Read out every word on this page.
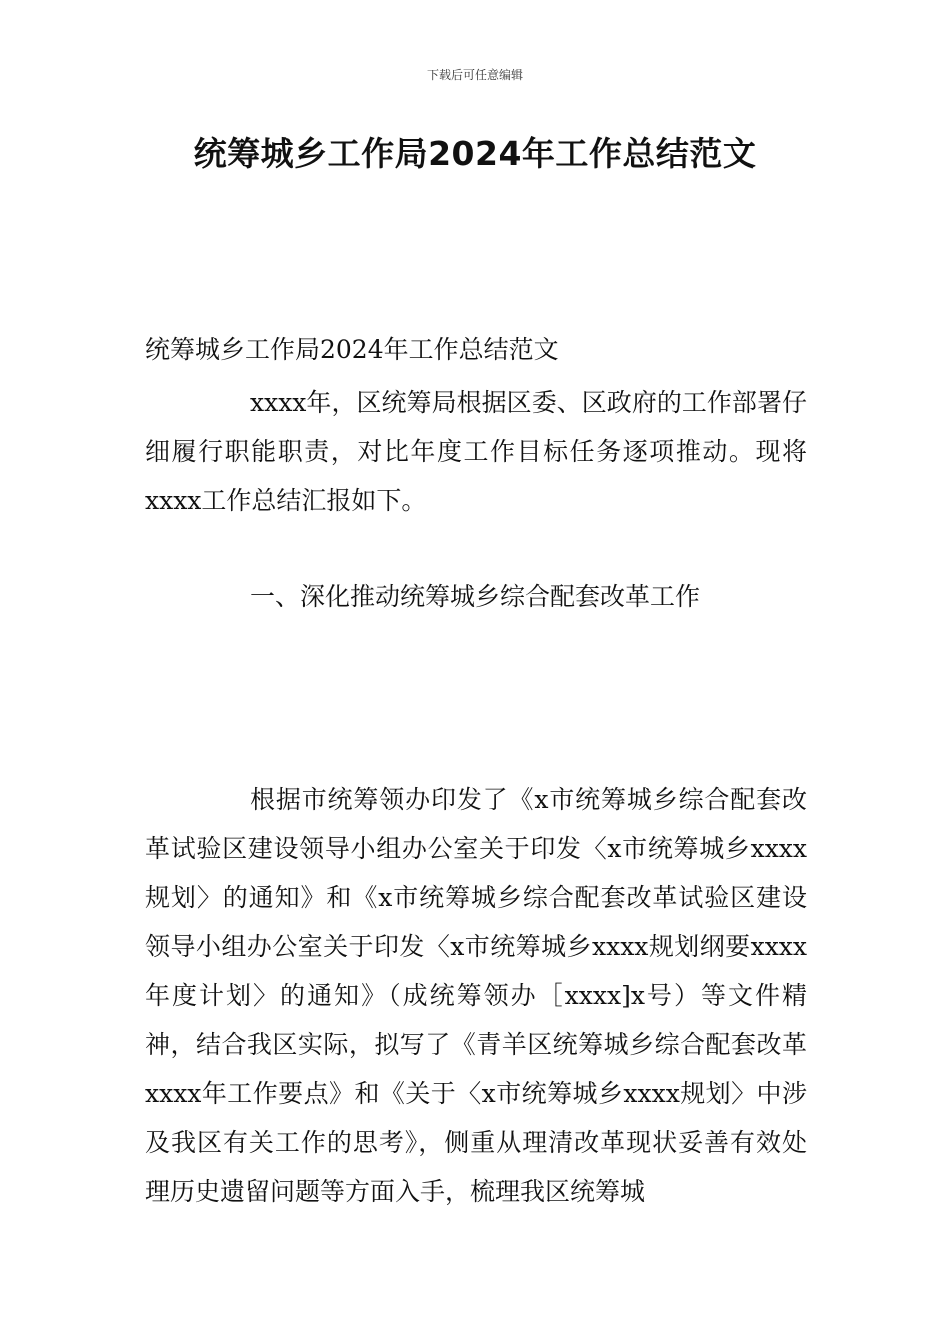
下载后可任意编辑
统筹城乡工作局2024年工作总结范文

统筹城乡工作局2024年工作总结范文

xxxx年，区统筹局根据区委、区政府的工作部署仔细履行职能职责，对比年度工作目标任务逐项推动。现将xxxx工作总结汇报如下。

一、深化推动统筹城乡综合配套改革工作

根据市统筹领办印发了《x市统筹城乡综合配套改革试验区建设领导小组办公室关于印发〈x市统筹城乡xxxx规划〉的通知》和《x市统筹城乡综合配套改革试验区建设领导小组办公室关于印发〈x市统筹城乡xxxx规划纲要xxxx年度计划〉的通知》（成统筹领办［xxxx]x号）等文件精神，结合我区实际，拟写了《青羊区统筹城乡综合配套改革xxxx年工作要点》和《关于〈x市统筹城乡xxxx规划〉中涉及我区有关工作的思考》，侧重从理清改革现状妥善有效处理历史遗留问题等方面入手，梳理我区统筹城
